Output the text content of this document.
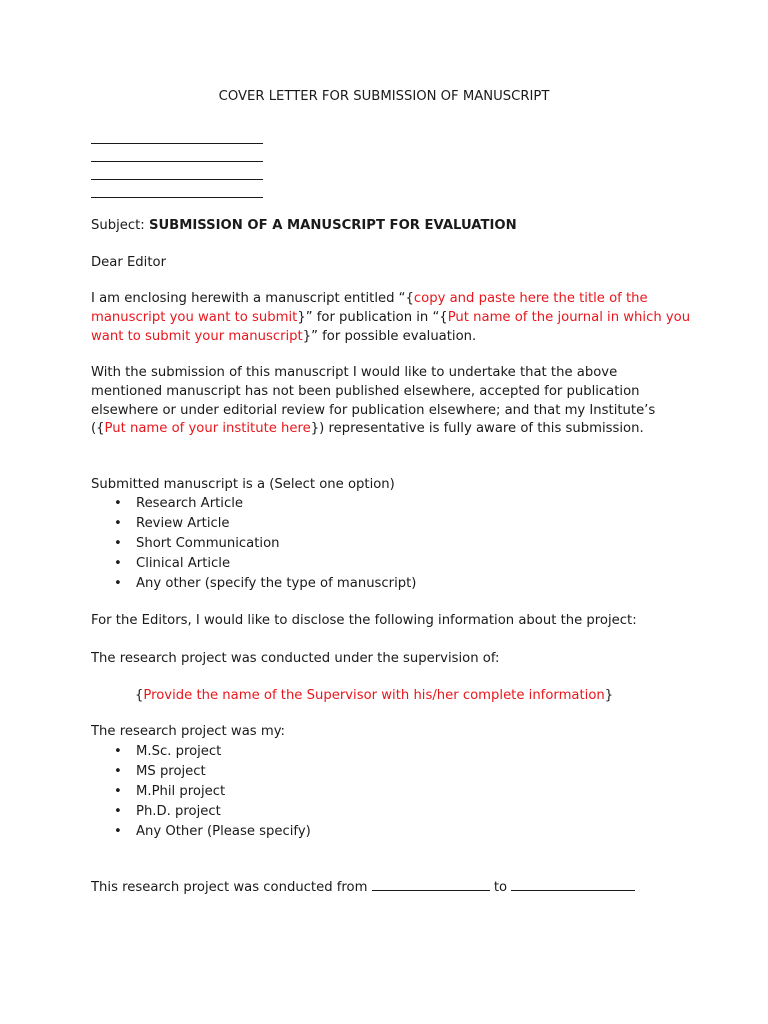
COVER LETTER FOR SUBMISSION OF MANUSCRIPT

Subject: SUBMISSION OF A MANUSCRIPT FOR EVALUATION

Dear Editor

I am enclosing herewith a manuscript entitled “{copy and paste here the title of the manuscript you want to submit}” for publication in “{Put name of the journal in which you want to submit your manuscript}” for possible evaluation.

With the submission of this manuscript I would like to undertake that the above mentioned manuscript has not been published elsewhere, accepted for publication elsewhere or under editorial review for publication elsewhere; and that my Institute’s ({Put name of your institute here}) representative is fully aware of this submission.

Submitted manuscript is a (Select one option)

• Research Article
• Review Article
• Short Communication
• Clinical Article
• Any other (specify the type of manuscript)

For the Editors, I would like to disclose the following information about the project:

The research project was conducted under the supervision of:

{Provide the name of the Supervisor with his/her complete information}

The research project was my:

• M.Sc. project
• MS project
• M.Phil project
• Ph.D. project
• Any Other (Please specify)

This research project was conducted from	to
